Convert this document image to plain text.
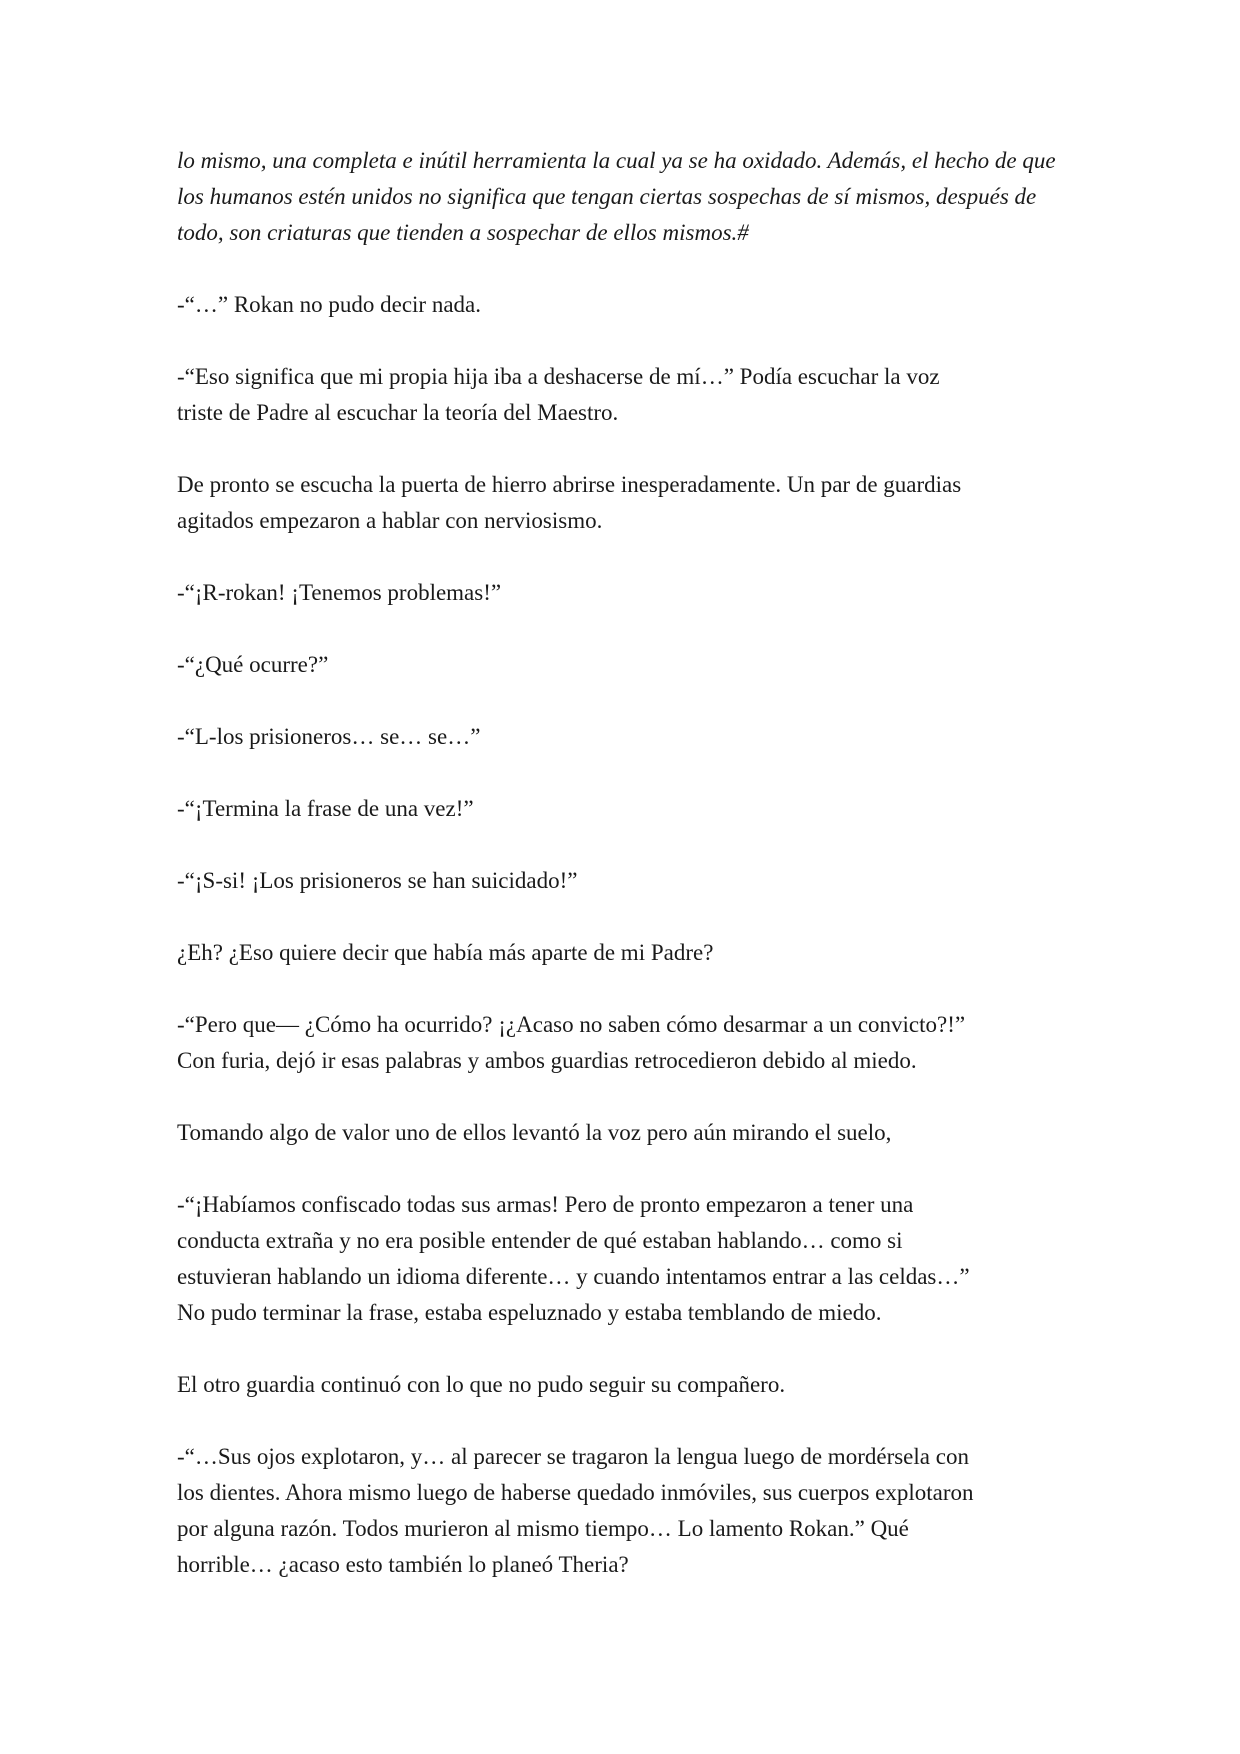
lo mismo, una completa e inútil herramienta la cual ya se ha oxidado. Además, el hecho de que
los humanos estén unidos no significa que tengan ciertas sospechas de sí mismos, después de
todo, son criaturas que tienden a sospechar de ellos mismos.#

-“…” Rokan no pudo decir nada.

-“Eso significa que mi propia hija iba a deshacerse de mí…” Podía escuchar la voz
triste de Padre al escuchar la teoría del Maestro.

De pronto se escucha la puerta de hierro abrirse inesperadamente. Un par de guardias
agitados empezaron a hablar con nerviosismo.

-“¡R-rokan! ¡Tenemos problemas!”

-“¿Qué ocurre?”

-“L-los prisioneros… se… se…”

-“¡Termina la frase de una vez!”

-“¡S-si! ¡Los prisioneros se han suicidado!”

¿Eh? ¿Eso quiere decir que había más aparte de mi Padre?

-“Pero que— ¿Cómo ha ocurrido? ¡¿Acaso no saben cómo desarmar a un convicto?!”
Con furia, dejó ir esas palabras y ambos guardias retrocedieron debido al miedo.

Tomando algo de valor uno de ellos levantó la voz pero aún mirando el suelo,

-“¡Habíamos confiscado todas sus armas! Pero de pronto empezaron a tener una
conducta extraña y no era posible entender de qué estaban hablando… como si
estuvieran hablando un idioma diferente… y cuando intentamos entrar a las celdas…”
No pudo terminar la frase, estaba espeluznado y estaba temblando de miedo.

El otro guardia continuó con lo que no pudo seguir su compañero.

-“…Sus ojos explotaron, y… al parecer se tragaron la lengua luego de mordérsela con
los dientes. Ahora mismo luego de haberse quedado inmóviles, sus cuerpos explotaron
por alguna razón. Todos murieron al mismo tiempo… Lo lamento Rokan.” Qué
horrible… ¿acaso esto también lo planeó Theria?
